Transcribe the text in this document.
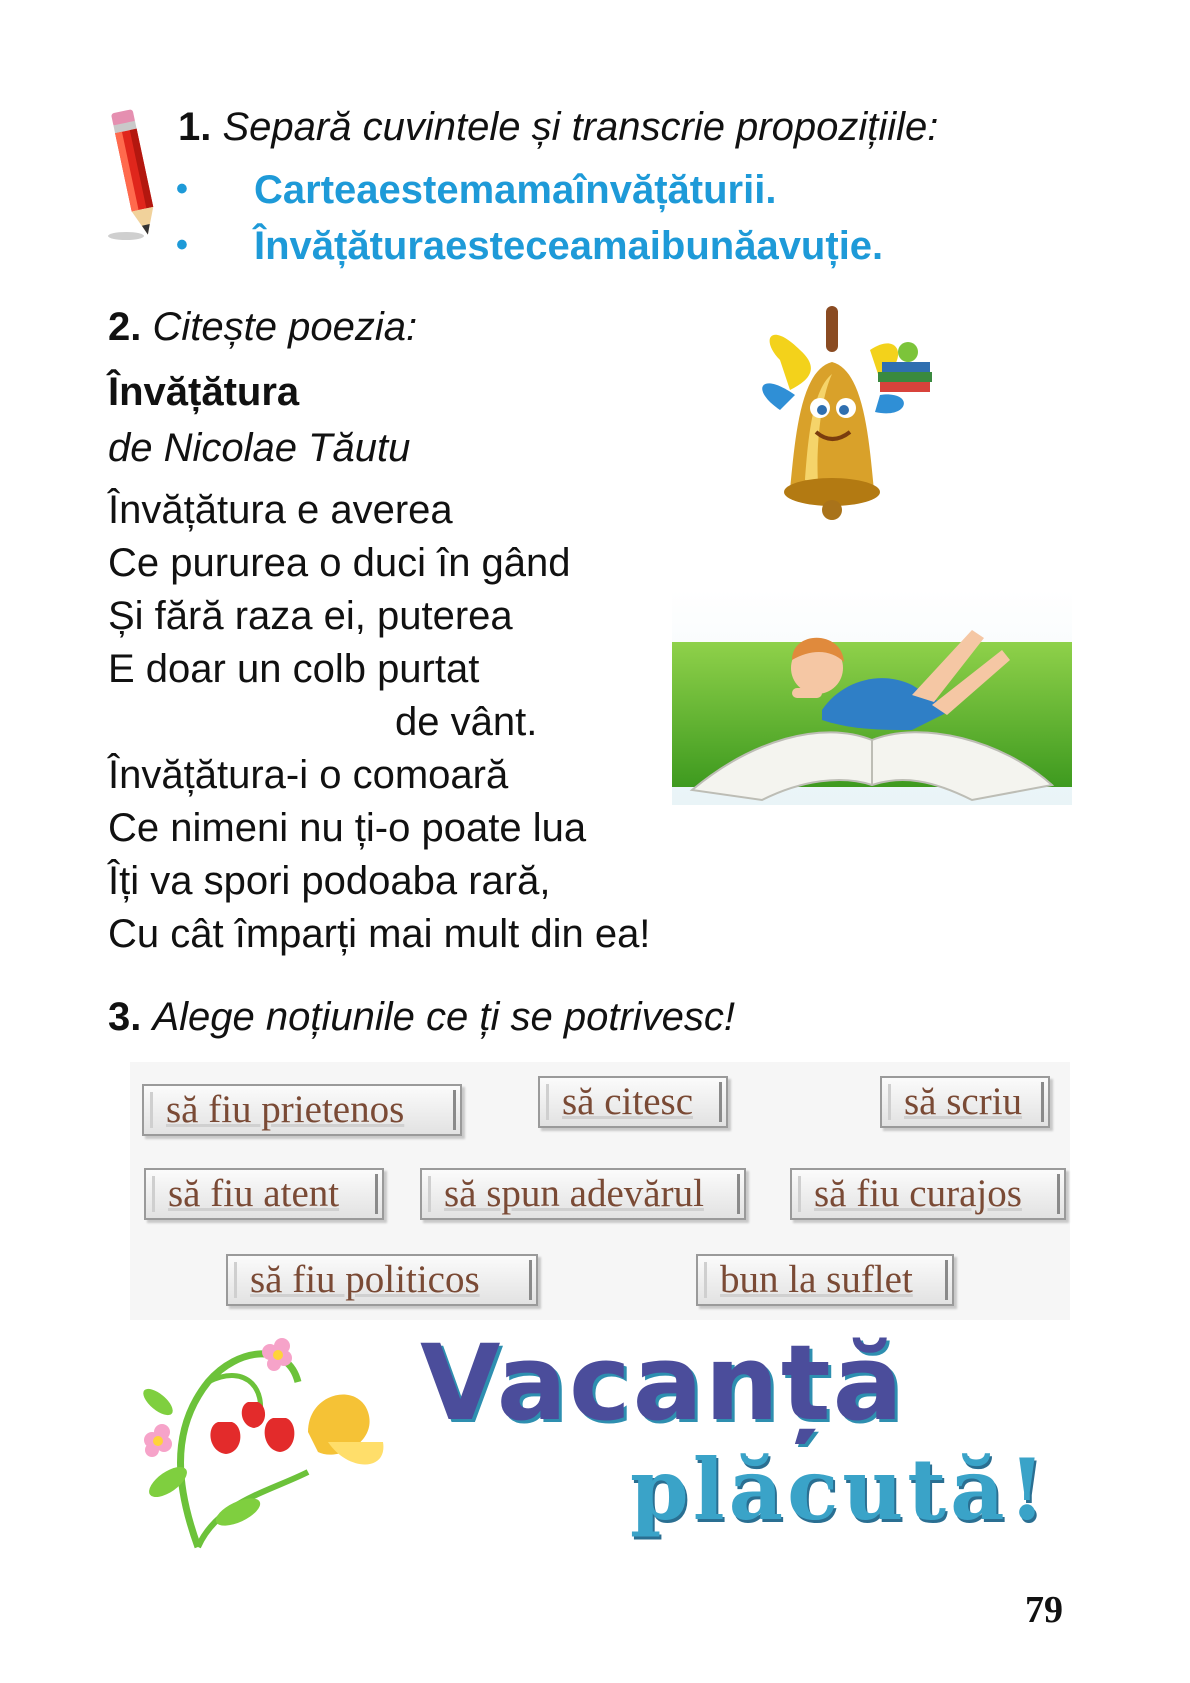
1. Separă cuvintele și transcrie propozițiile:
• Carteaestemamaînvățăturii.
• Învățăturaesteceamaibunăavuție.
2. Citește poezia:
Învățătura
de Nicolae Tăutu
Învățătura e averea
Ce pururea o duci în gând
Și fără raza ei, puterea
E doar un colb purtat
de vânt.
Învățătura-i o comoară
Ce nimeni nu ți-o poate lua
Îți va spori podoaba rară,
Cu cât împarți mai mult din ea!
3. Alege noțiunile ce ți se potrivesc!
să fiu prietenos	să citesc	să scriu
să fiu atent	să spun adevărul	să fiu curajos
să fiu politicos	bun la suflet
Vacanță
plăcută!
79
